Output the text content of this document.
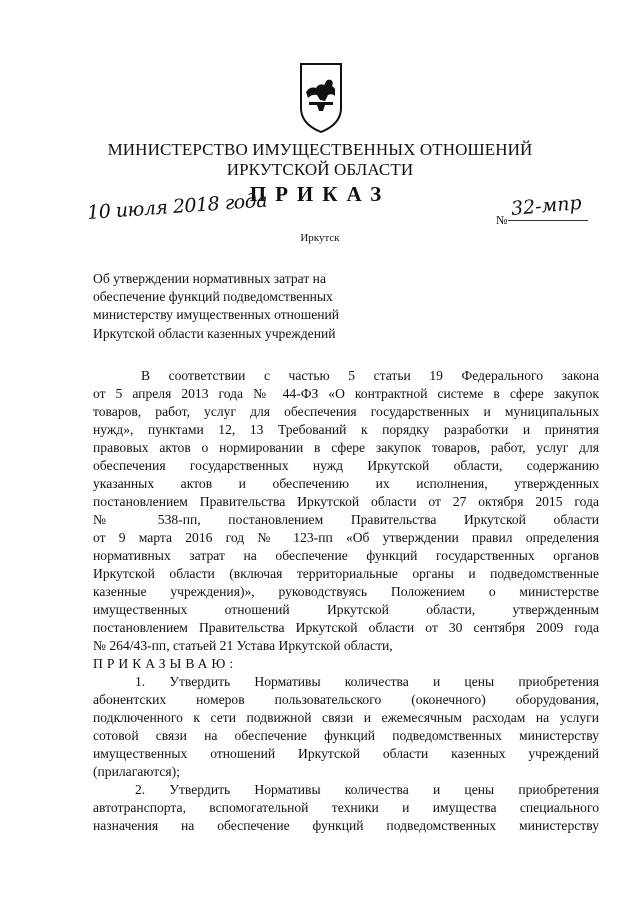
МИНИСТЕРСТВО ИМУЩЕСТВЕННЫХ ОТНОШЕНИЙ
ИРКУТСКОЙ ОБЛАСТИ
ПРИКАЗ
10 июля 2018 года	№ 32-мпр
Иркутск
Об утверждении нормативных затрат на
обеспечение функций подведомственных
министерству имущественных отношений
Иркутской области казенных учреждений
В соответствии с частью 5 статьи 19 Федерального закона
от 5 апреля 2013 года № 44-ФЗ «О контрактной системе в сфере закупок
товаров, работ, услуг для обеспечения государственных и муниципальных
нужд», пунктами 12, 13 Требований к порядку разработки и принятия
правовых актов о нормировании в сфере закупок товаров, работ, услуг для
обеспечения государственных нужд Иркутской области, содержанию
указанных актов и обеспечению их исполнения, утвержденных
постановлением Правительства Иркутской области от 27 октября 2015 года
№ 538-пп, постановлением Правительства Иркутской области
от 9 марта 2016 год № 123-пп «Об утверждении правил определения
нормативных затрат на обеспечение функций государственных органов
Иркутской области (включая территориальные органы и подведомственные
казенные учреждения)», руководствуясь Положением о министерстве
имущественных отношений Иркутской области, утвержденным
постановлением Правительства Иркутской области от 30 сентября 2009 года
№ 264/43-пп, статьей 21 Устава Иркутской области,
ПРИКАЗЫВАЮ:
1. Утвердить Нормативы количества и цены приобретения
абонентских номеров пользовательского (оконечного) оборудования,
подключенного к сети подвижной связи и ежемесячным расходам на услуги
сотовой связи на обеспечение функций подведомственных министерству
имущественных отношений Иркутской области казенных учреждений
(прилагаются);
2. Утвердить Нормативы количества и цены приобретения
автотранспорта, вспомогательной техники и имущества специального
назначения на обеспечение функций подведомственных министерству
